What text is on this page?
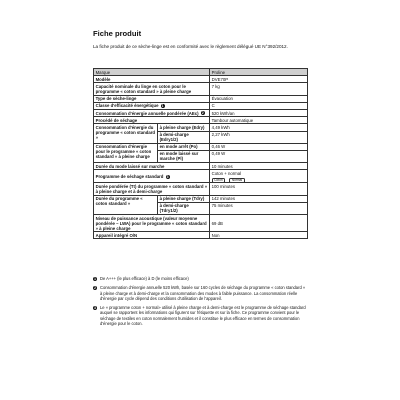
Fiche produit
La fiche produit de ce sèche-linge est en conformité avec le règlement délégué UE N°392/2012.
Marque		Proline
Modèle		DVE70P
Capacité nominale du linge en coton pour le programme « coton standard » à pleine charge		7 kg
Type de sèche-linge		Évacuation
Classe d'efficacité énergétique 1		C
Consommation d'énergie annuelle pondérée (AEc) 2		520 kWh/an
Procédé de séchage		Tambour automatique
Consommation d'énergie du programme « coton standard »	à pleine charge (Edry)	4,49 kWh
	à demi-charge (Edry1/2)	2,27 kWh
Consommation d'énergie pour le programme « coton standard » à pleine charge	en mode arrêt (Po)	0,46 W
	en mode laissé sur marche (Pl)	0,49 W
Durée du mode laissé sur marche		10 minutes
Programme de séchage standard 3		Coton + normal
Coton Normal

Durée pondérée (Tt) du programme « coton standard » à pleine charge et à demi-charge		100 minutes
Durée du programme « coton standard »	à pleine charge (Tdry)	142 minutes
	à demi-charge (Tdry1/2)	75 minutes
Niveau de puissance acoustique (valeur moyenne pondérée – LWA) pour le programme « coton standard » à pleine charge		69 dB
Appareil intégré O/N		Non
1 De A+++ (le plus efficace) à D (le moins efficace)
2 Consommation d'énergie annuelle 520 kWh, basée sur 160 cycles de séchage du programme « coton standard » à pleine charge et à demi-charge et la consommation des modes à faible puissance. La consommation réelle d'énergie par cycle dépend des conditions d'utilisation de l'appareil.
3 Le « programme coton + normal» utilisé à pleine charge et à demi-charge est le programme de séchage standard auquel se rapportent les informations qui figurent sur l'étiquette et sur la fiche. Ce programme convient pour le séchage de textiles en coton normalement humides et il constitue le plus efficace en termes de consommation d'énergie pour le coton.
